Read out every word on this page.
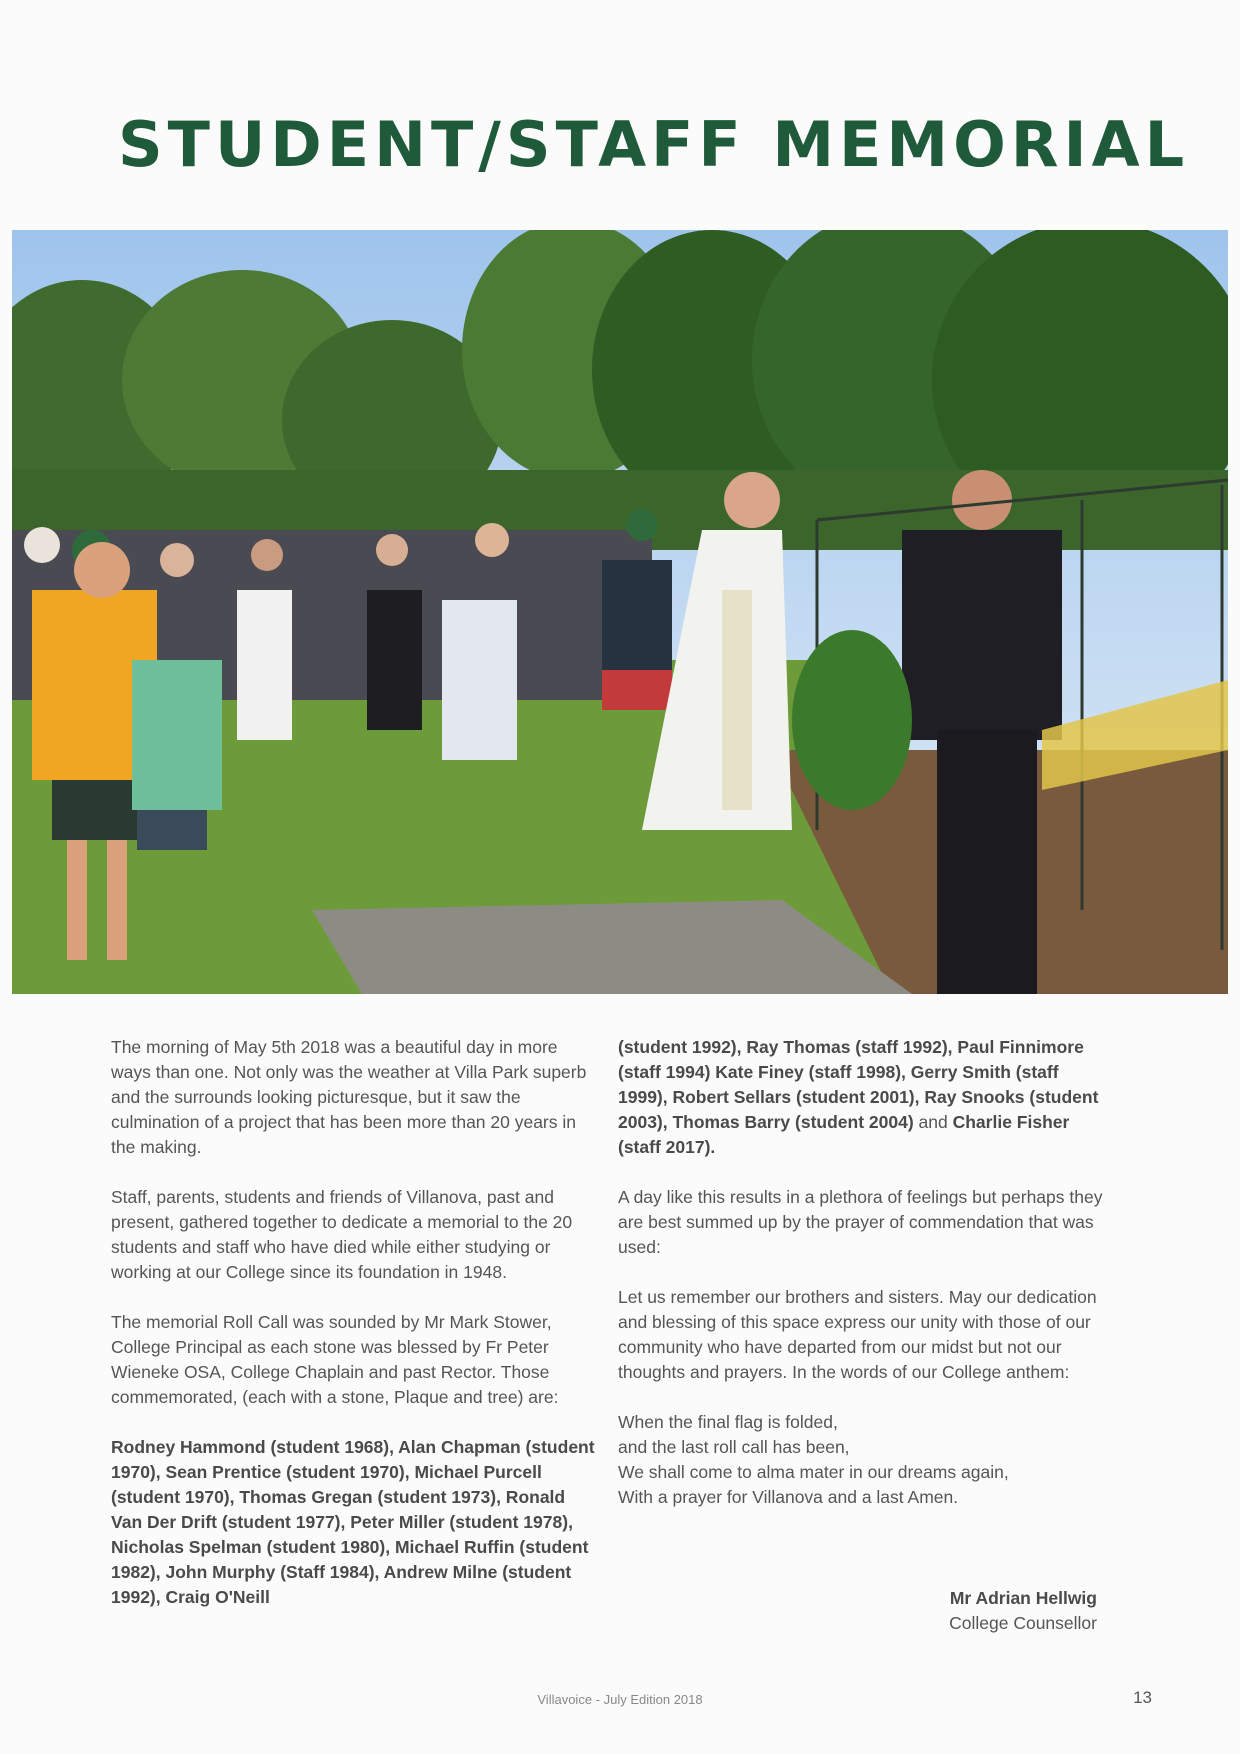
STUDENT/STAFF MEMORIAL

The morning of May 5th 2018 was a beautiful day in more ways than one. Not only was the weather at Villa Park superb and the surrounds looking picturesque, but it saw the culmination of a project that has been more than 20 years in the making.

Staff, parents, students and friends of Villanova, past and present, gathered together to dedicate a memorial to the 20 students and staff who have died while either studying or working at our College since its foundation in 1948.

The memorial Roll Call was sounded by Mr Mark Stower, College Principal as each stone was blessed by Fr Peter Wieneke OSA, College Chaplain and past Rector. Those commemorated, (each with a stone, Plaque and tree) are:

Rodney Hammond (student 1968), Alan Chapman (student 1970), Sean Prentice (student 1970), Michael Purcell (student 1970), Thomas Gregan (student 1973), Ronald Van Der Drift (student 1977), Peter Miller (student 1978), Nicholas Spelman (student 1980), Michael Ruffin (student 1982), John Murphy (Staff 1984), Andrew Milne (student 1992), Craig O'Neill

(student 1992), Ray Thomas (staff 1992), Paul Finnimore (staff 1994) Kate Finey (staff 1998), Gerry Smith (staff 1999), Robert Sellars (student 2001), Ray Snooks (student 2003), Thomas Barry (student 2004) and Charlie Fisher (staff 2017).

A day like this results in a plethora of feelings but perhaps they are best summed up by the prayer of commendation that was used:

Let us remember our brothers and sisters. May our dedication and blessing of this space express our unity with those of our community who have departed from our midst but not our thoughts and prayers. In the words of our College anthem:

When the final flag is folded,
and the last roll call has been,
We shall come to alma mater in our dreams again,
With a prayer for Villanova and a last Amen.

Mr Adrian Hellwig
College Counsellor
Villavoice - July Edition 2018	13
